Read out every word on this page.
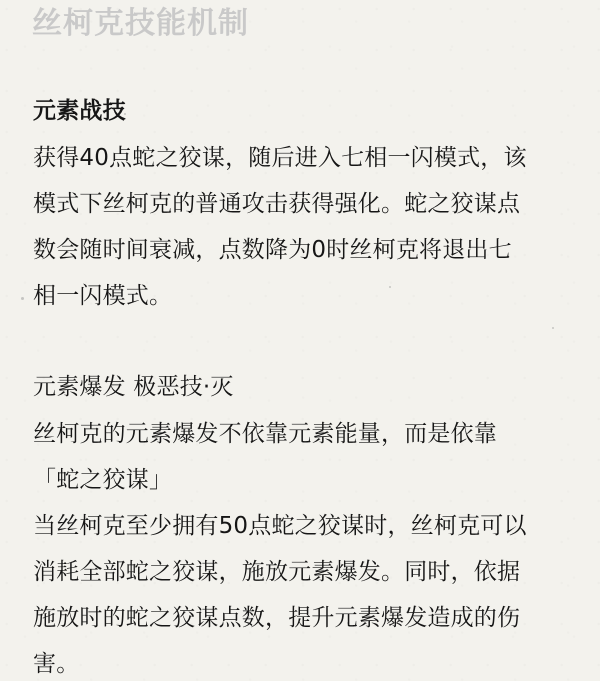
丝柯克技能机制
元素战技
获得40点蛇之狡谋，随后进入七相一闪模式，该
模式下丝柯克的普通攻击获得强化。蛇之狡谋点
数会随时间衰减，点数降为0时丝柯克将退出七
相一闪模式。
元素爆发 极恶技·灭
丝柯克的元素爆发不依靠元素能量，而是依靠
「蛇之狡谋」
当丝柯克至少拥有50点蛇之狡谋时，丝柯克可以
消耗全部蛇之狡谋，施放元素爆发。同时，依据
施放时的蛇之狡谋点数，提升元素爆发造成的伤
害。
